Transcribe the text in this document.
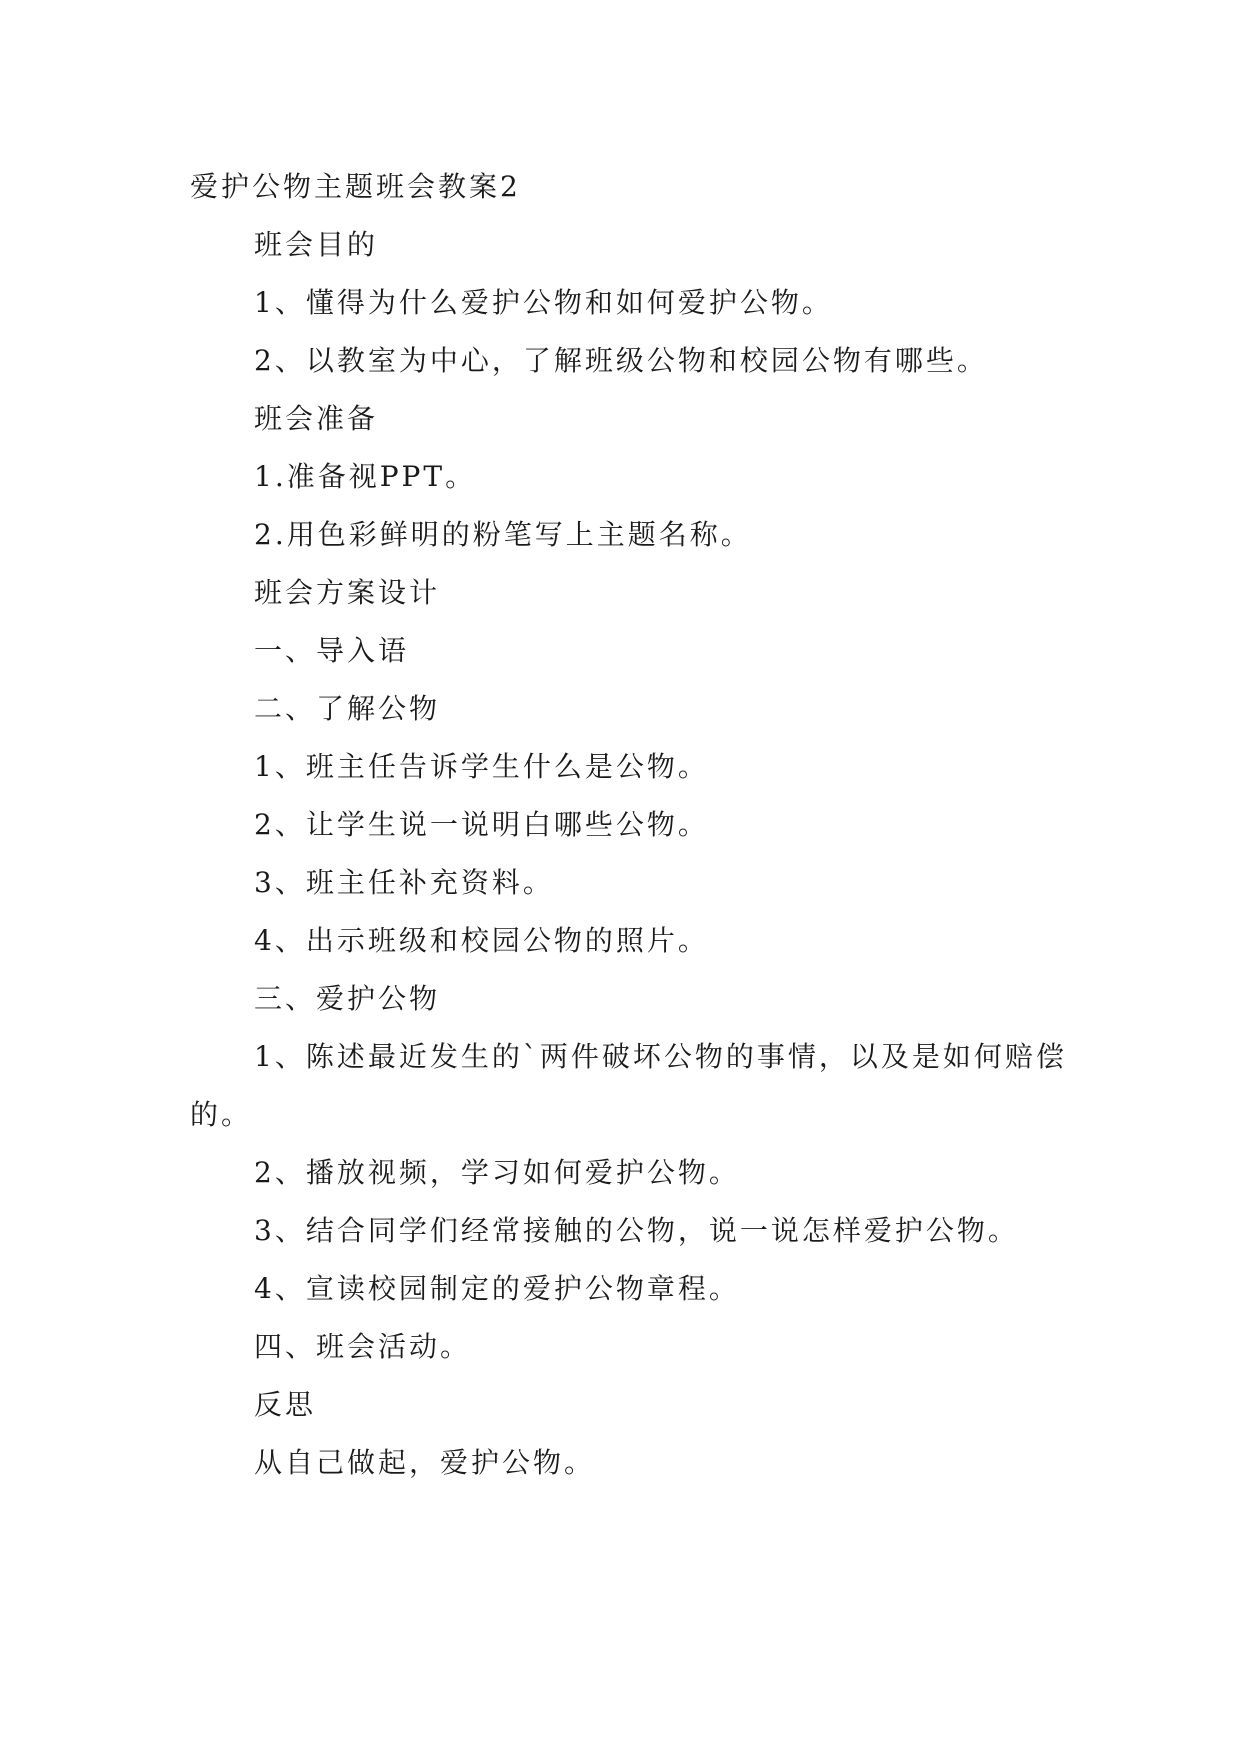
爱护公物主题班会教案2
班会目的
1、懂得为什么爱护公物和如何爱护公物。
2、以教室为中心，了解班级公物和校园公物有哪些。
班会准备
1.准备视PPT。
2.用色彩鲜明的粉笔写上主题名称。
班会方案设计
一、导入语
二、了解公物
1、班主任告诉学生什么是公物。
2、让学生说一说明白哪些公物。
3、班主任补充资料。
4、出示班级和校园公物的照片。
三、爱护公物
1、陈述最近发生的`两件破坏公物的事情，以及是如何赔偿的。
2、播放视频，学习如何爱护公物。
3、结合同学们经常接触的公物，说一说怎样爱护公物。
4、宣读校园制定的爱护公物章程。
四、班会活动。
反思
从自己做起，爱护公物。
